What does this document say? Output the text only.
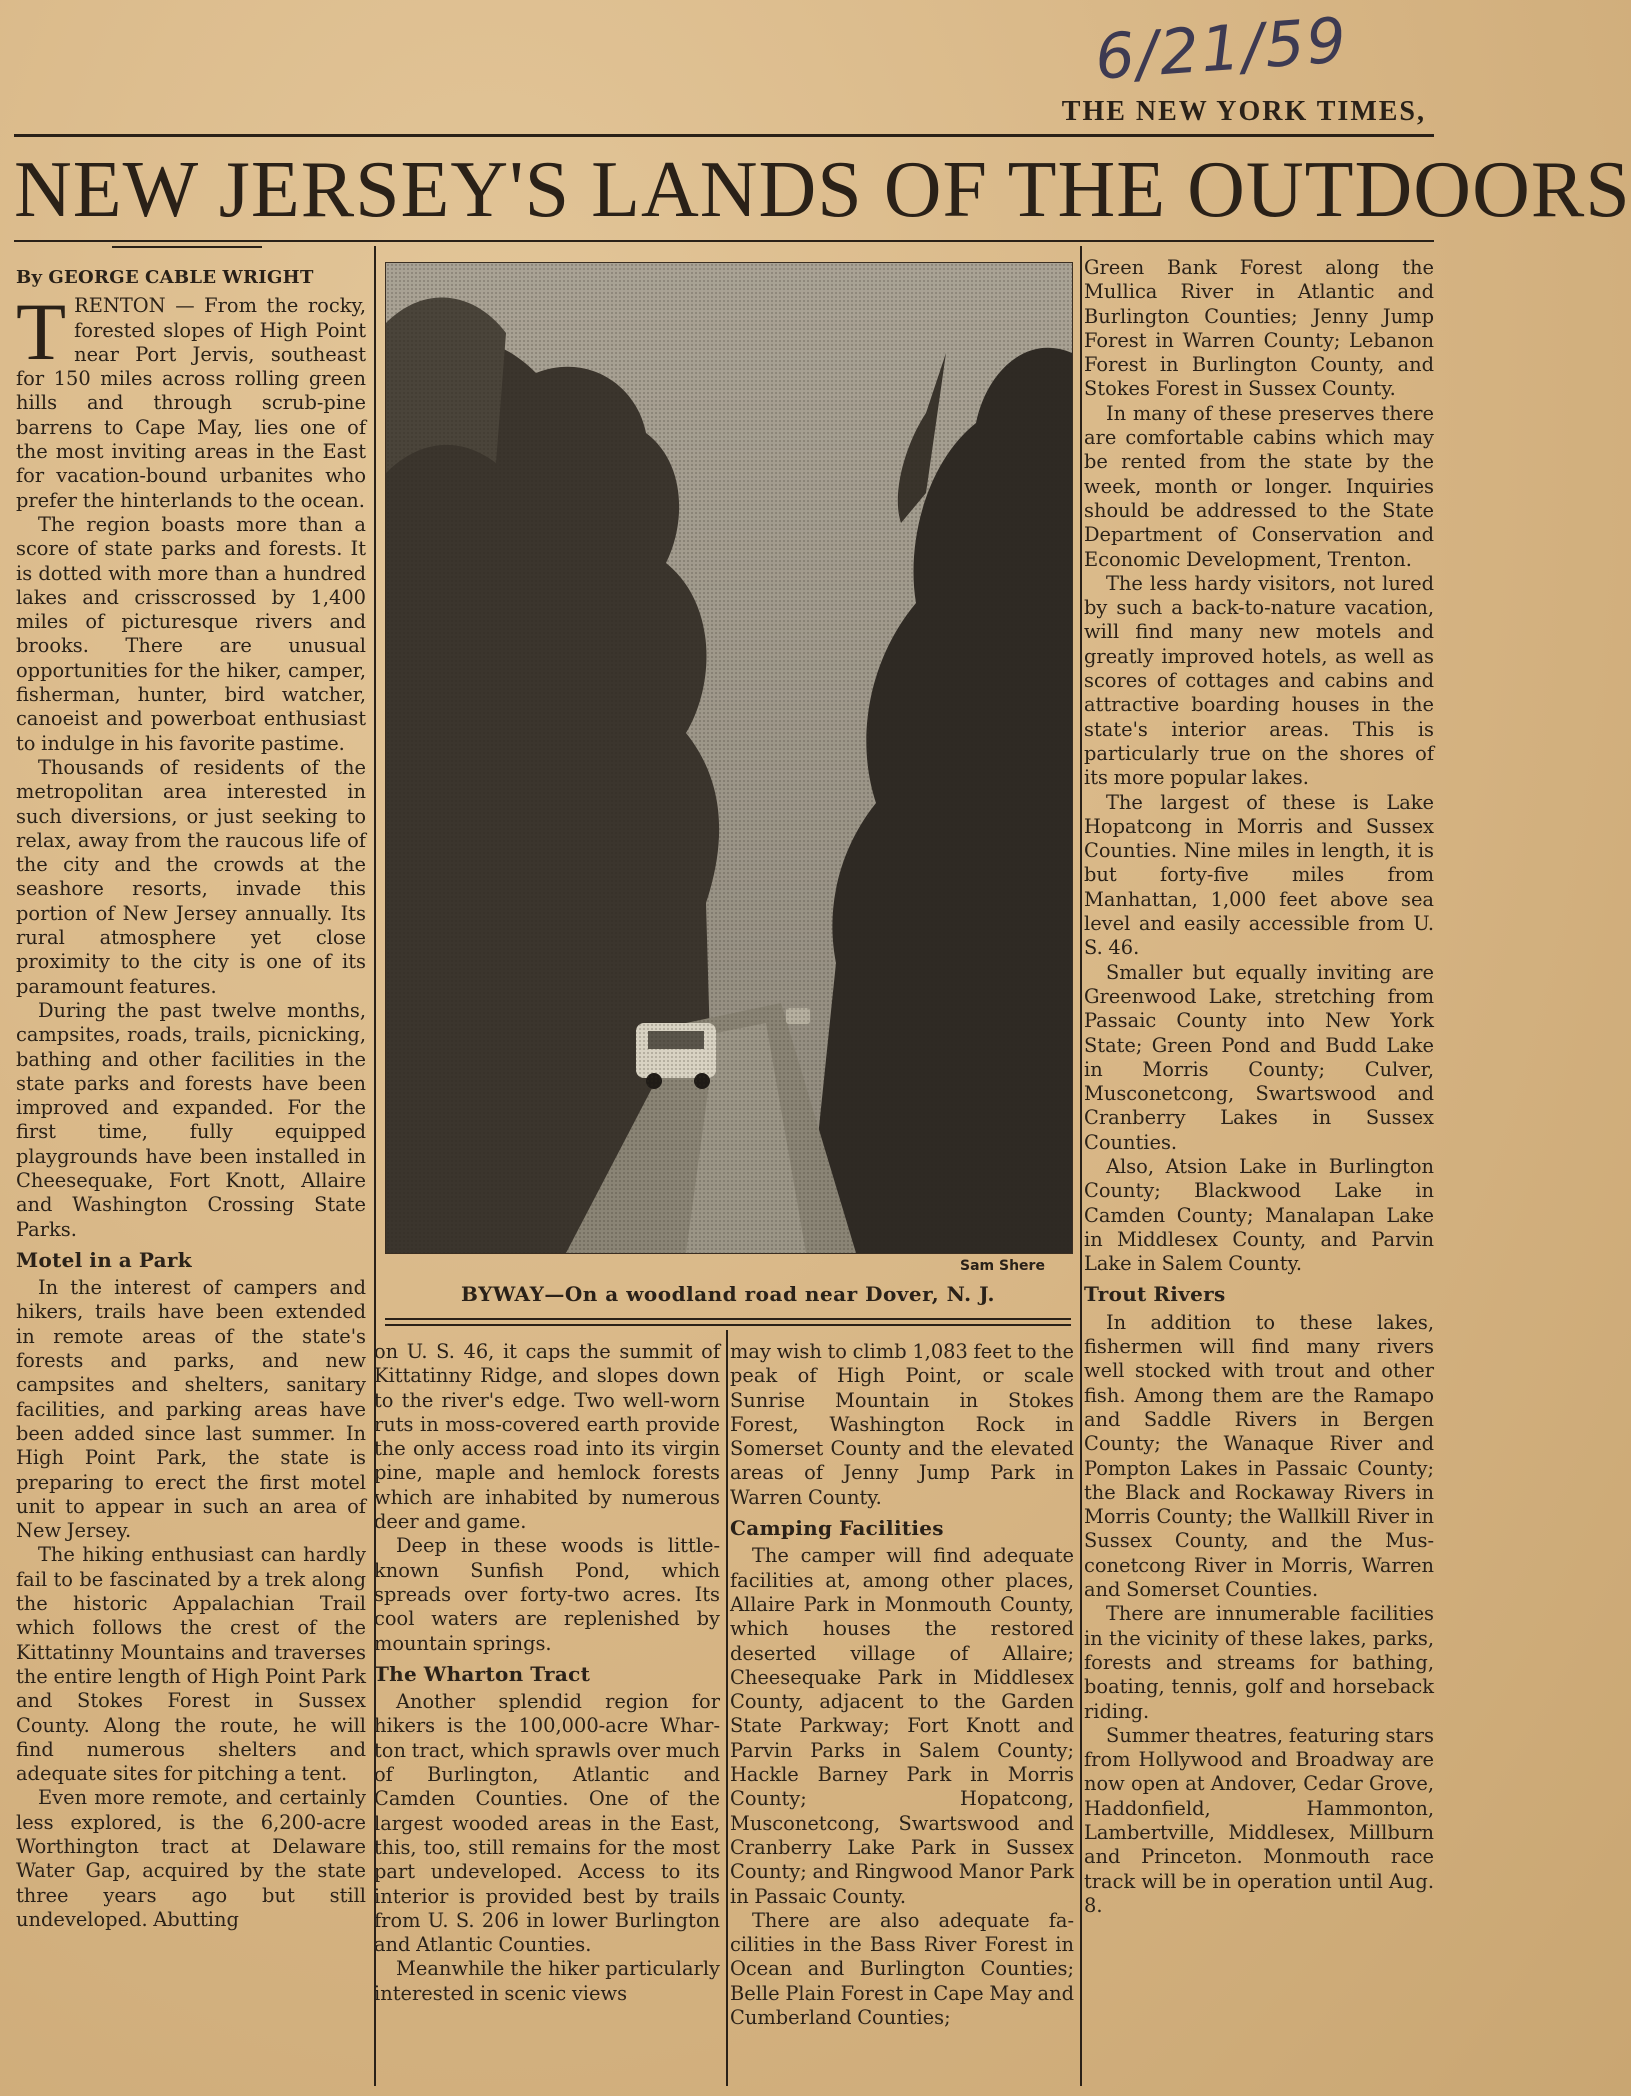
6/21/59
THE NEW YORK TIMES,
NEW JERSEY'S LANDS OF THE OUTDOORS
By GEORGE CABLE WRIGHT

TRENTON — From the rocky, forested slopes of High Point near Port Jervis, southeast for 150 miles across rolling green hills and through scrub-pine barrens to Cape May, lies one of the most inviting areas in the East for vacation-bound urbanites who prefer the hinterlands to the ocean.

The region boasts more than a score of state parks and forests. It is dotted with more than a hundred lakes and crisscrossed by 1,400 miles of picturesque rivers and brooks. There are unusual opportunities for the hiker, camper, fisherman, hunter, bird watcher, canoeist and powerboat enthusiast to indulge in his favorite pastime.

Thousands of residents of the metropolitan area interested in such diversions, or just seeking to relax, away from the raucous life of the city and the crowds at the seashore resorts, invade this portion of New Jersey annually. Its rural atmosphere yet close proximity to the city is one of its paramount features.

During the past twelve months, campsites, roads, trails, picnicking, bathing and other facilities in the state parks and forests have been improved and expanded. For the first time, fully equipped playgrounds have been installed in Cheesequake, Fort Knott, Allaire and Washington Crossing State Parks.

Motel in a Park

In the interest of campers and hikers, trails have been extended in remote areas of the state's forests and parks, and new campsites and shelters, sanitary facilities, and parking areas have been added since last summer. In High Point Park, the state is preparing to erect the first motel unit to appear in such an area of New Jersey.

The hiking enthusiast can hardly fail to be fascinated by a trek along the historic Appalachian Trail which follows the crest of the Kittatinny Mountains and traverses the entire length of High Point Park and Stokes Forest in Sussex County. Along the route, he will find numerous shelters and adequate sites for pitching a tent.

Even more remote, and certainly less explored, is the 6,200-acre Worthington tract at Delaware Water Gap, acquired by the state three years ago but still undeveloped. Abutting

Sam Shere
BYWAY—On a woodland road near Dover, N. J.

on U. S. 46, it caps the summit of Kittatinny Ridge, and slopes down to the river's edge. Two well-worn ruts in moss-covered earth provide the only access road into its virgin pine, maple and hemlock forests which are inhabited by numerous deer and game.

Deep in these woods is little-known Sunfish Pond, which spreads over forty-two acres. Its cool waters are replenished by mountain springs.

The Wharton Tract

Another splendid region for hikers is the 100,000-acre Wharton tract, which sprawls over much of Burlington, Atlantic and Camden Counties. One of the largest wooded areas in the East, this, too, still remains for the most part undeveloped. Access to its interior is provided best by trails from U. S. 206 in lower Burlington and Atlantic Counties.

Meanwhile the hiker particularly interested in scenic views

may wish to climb 1,083 feet to the peak of High Point, or scale Sunrise Mountain in Stokes Forest, Washington Rock in Somerset County and the elevated areas of Jenny Jump Park in Warren County.

Camping Facilities

The camper will find adequate facilities at, among other places, Allaire Park in Monmouth County, which houses the restored deserted village of Allaire; Cheesequake Park in Middlesex County, adjacent to the Garden State Parkway; Fort Knott and Parvin Parks in Salem County; Hackle Barney Park in Morris County; Hopatcong, Musconetcong, Swartswood and Cranberry Lake Park in Sussex County; and Ringwood Manor Park in Passaic County.

There are also adequate facilities in the Bass River Forest in Ocean and Burlington Counties; Belle Plain Forest in Cape May and Cumberland Counties;

Green Bank Forest along the Mullica River in Atlantic and Burlington Counties; Jenny Jump Forest in Warren County; Lebanon Forest in Burlington County, and Stokes Forest in Sussex County.

In many of these preserves there are comfortable cabins which may be rented from the state by the week, month or longer. Inquiries should be addressed to the State Department of Conservation and Economic Development, Trenton.

The less hardy visitors, not lured by such a back-to-nature vacation, will find many new motels and greatly improved hotels, as well as scores of cottages and cabins and attractive boarding houses in the state's interior areas. This is particularly true on the shores of its more popular lakes.

The largest of these is Lake Hopatcong in Morris and Sussex Counties. Nine miles in length, it is but forty-five miles from Manhattan, 1,000 feet above sea level and easily accessible from U. S. 46.

Smaller but equally inviting are Greenwood Lake, stretching from Passaic County into New York State; Green Pond and Budd Lake in Morris County; Culver, Musconetcong, Swartswood and Cranberry Lakes in Sussex Counties.

Also, Atsion Lake in Burlington County; Blackwood Lake in Camden County; Manalapan Lake in Middlesex County, and Parvin Lake in Salem County.

Trout Rivers

In addition to these lakes, fishermen will find many rivers well stocked with trout and other fish. Among them are the Ramapo and Saddle Rivers in Bergen County; the Wanaque River and Pompton Lakes in Passaic County; the Black and Rockaway Rivers in Morris County; the Wallkill River in Sussex County, and the Musconetcong River in Morris, Warren and Somerset Counties.

There are innumerable facilities in the vicinity of these lakes, parks, forests and streams for bathing, boating, tennis, golf and horseback riding.

Summer theatres, featuring stars from Hollywood and Broadway are now open at Andover, Cedar Grove, Haddonfield, Hammonton, Lambertville, Middlesex, Millburn and Princeton. Monmouth race track will be in operation until Aug. 8.
